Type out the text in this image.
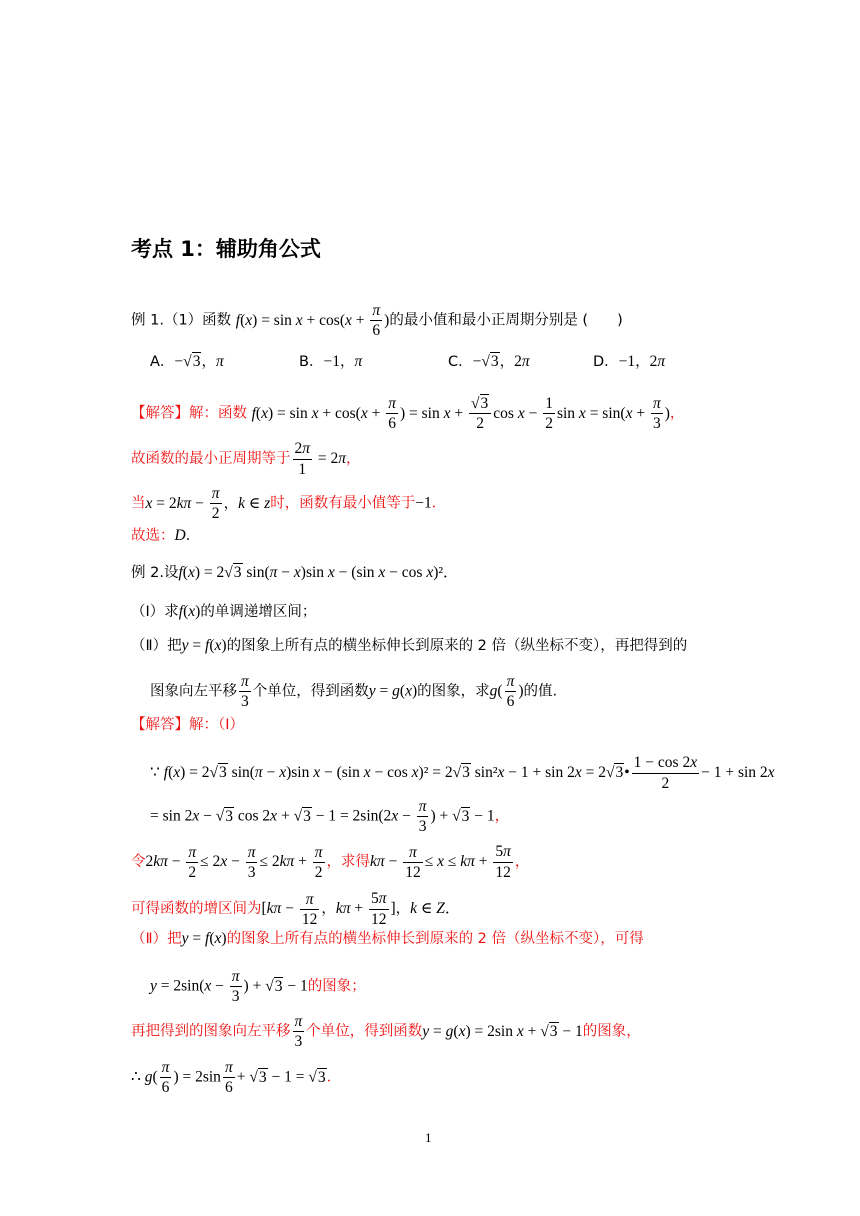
考点 1：辅助角公式
例 1.（1）函数 $f(x) = \sin x + \cos(x + \frac{\pi}{6}$ )的最小值和最小正周期分别是 (　　)
A．−√3，π	B．−1，π	C．−√3，2π	D．−1，2π
【解答】解：函数 $f(x) = \sin x + \cos(x + \frac{\pi}{6}$ ) = $\sin x + \frac{√3}{2}$ $\cos x - \frac{1}{2}$ $\sin x = \sin(x + \frac{\pi}{3}$ )，
故函数的最小正周期等于 $\frac{2\pi}{1} = 2\pi$，
当$x = 2k\pi - \frac{\pi}{2}$ ，k ∈ z时，函数有最小值等于−1．
故选：D．
例 2.设f(x) = 2√3 sin(π − x)sin x − (sin x − cos x)²．
（Ⅰ）求f(x)的单调递增区间；
（Ⅱ）把y = f(x)的图象上所有点的横坐标伸长到原来的 2 倍（纵坐标不变），再把得到的
图象向左平移 $\frac{\pi}{3}$ 个单位，得到函数y = g(x)的图象，求$g( \frac{\pi}{6}$ )的值.
【解答】解：（Ⅰ）
∵ f(x) = 2√3 sin(π − x)sin x − (sin x − cos x)² = 2√3 sin²x − 1 + sin 2x = 2√3• $\frac{1 - \cos 2x}{2} - 1 + \sin 2x$
= sin 2x − √3 $\cos 2x + √3 - 1 = 2\sin(2x - \frac{\pi}{3}$ ) + √3 − 1，
令$2k\pi - \frac{\pi}{2} \le 2x - \frac{\pi}{3} \le 2k\pi + \frac{\pi}{2}$ ，求得$k\pi - \frac{\pi}{12} \le x \le k\pi + \frac{5\pi}{12}$ ，
可得函数的增区间为[$k\pi - \frac{\pi}{12}$ ，$k\pi + \frac{5\pi}{12}$ ]，k ∈ Z．
（Ⅱ）把y = f(x)的图象上所有点的横坐标伸长到原来的 2 倍（纵坐标不变），可得
$y = 2\sin(x - \frac{\pi}{3}$ ) + √3 − 1的图象；
再把得到的图象向左平移 $\frac{\pi}{3}$ 个单位，得到函数y = g(x) = 2sin x + √3 − 1的图象，
∴ $g( \frac{\pi}{6}$ ) = $2\sin \frac{\pi}{6} + √3 - 1 = √3$．
1
